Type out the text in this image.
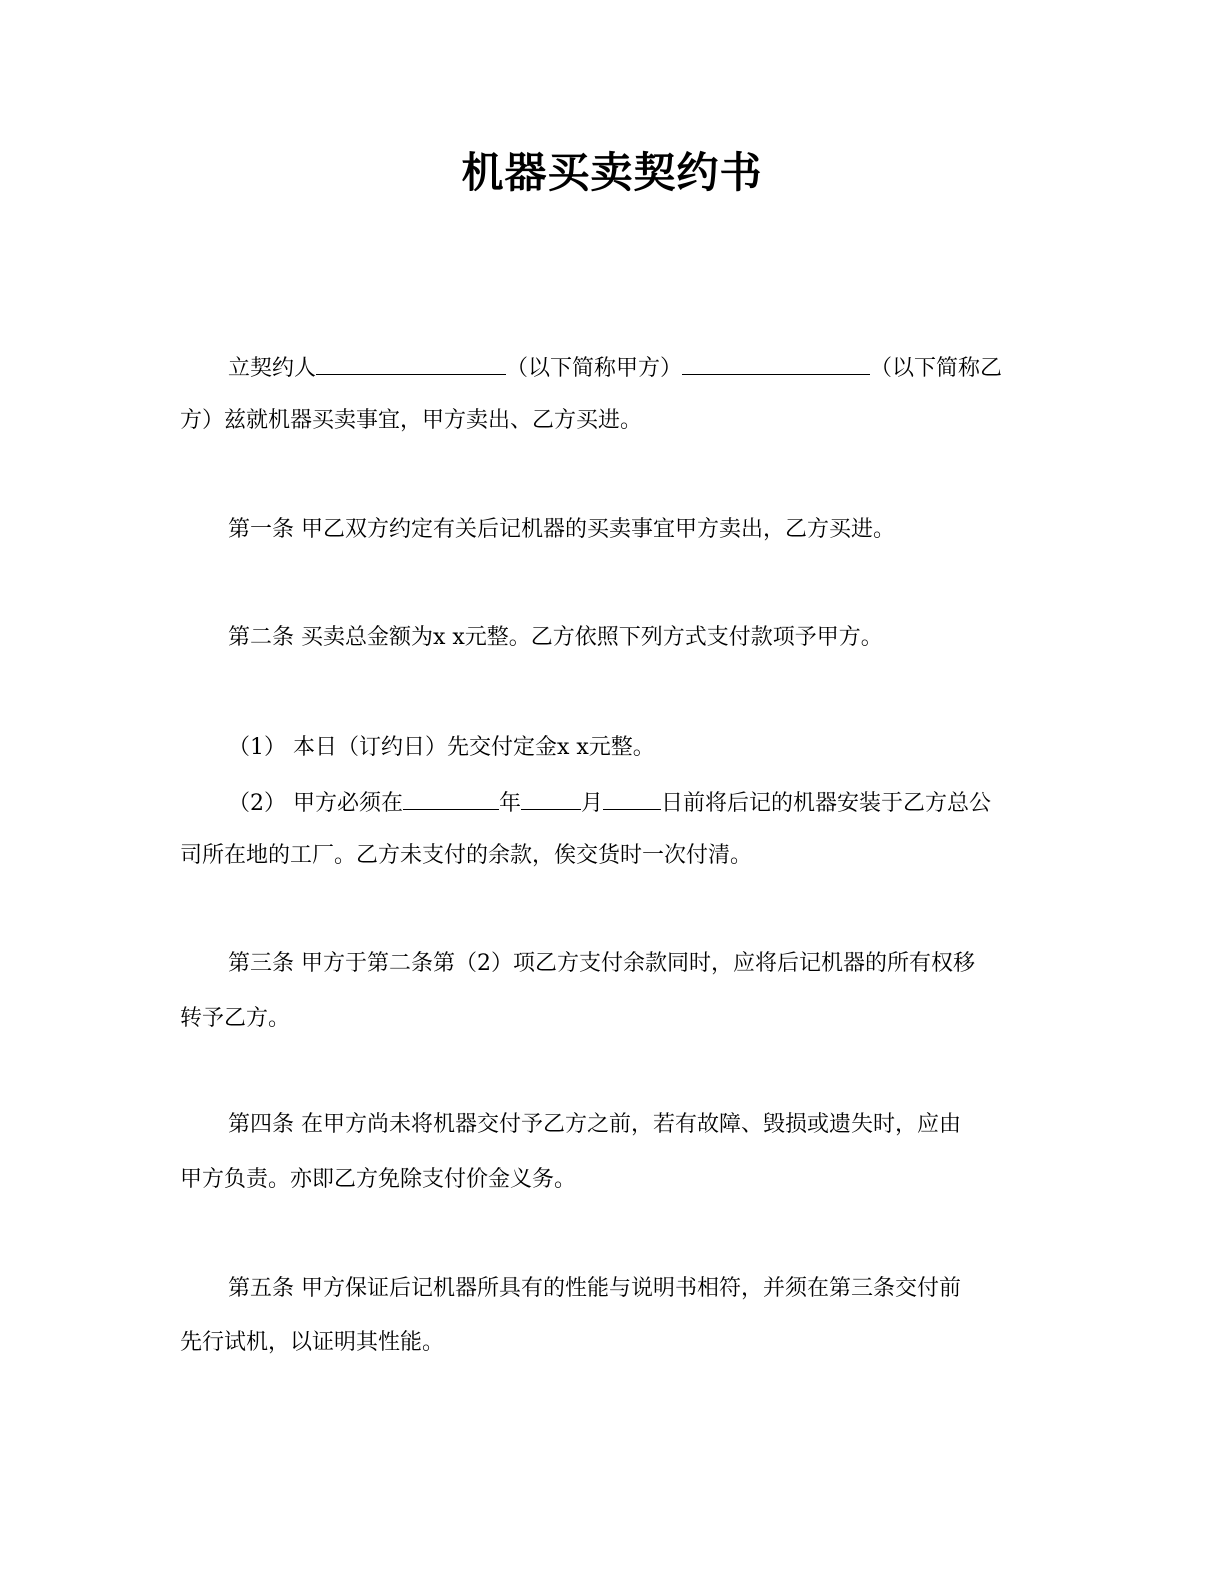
机器买卖契约书
立契约人	（以下简称甲方）	（以下简称乙
方）兹就机器买卖事宜，甲方卖出、乙方买进。
第一条 甲乙双方约定有关后记机器的买卖事宜甲方卖出，乙方买进。
第二条 买卖总金额为x x元整。乙方依照下列方式支付款项予甲方。
（1） 本日（订约日）先交付定金x x元整。
（2） 甲方必须在	年	月	日前将后记的机器安装于乙方总公
司所在地的工厂。乙方未支付的余款，俟交货时一次付清。
第三条 甲方于第二条第（2）项乙方支付余款同时，应将后记机器的所有权移
转予乙方。
第四条 在甲方尚未将机器交付予乙方之前，若有故障、毁损或遗失时，应由
甲方负责。亦即乙方免除支付价金义务。
第五条 甲方保证后记机器所具有的性能与说明书相符，并须在第三条交付前
先行试机，以证明其性能。
